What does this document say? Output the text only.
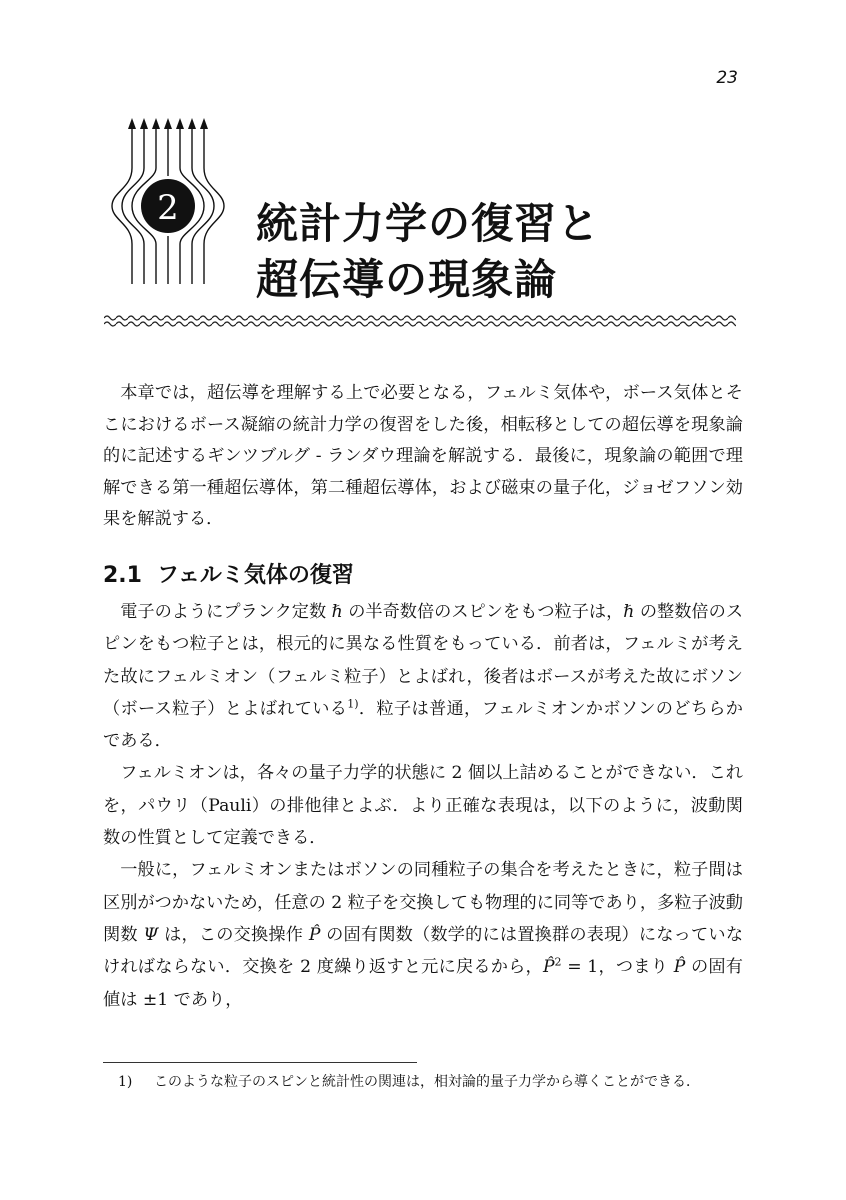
23
2 統計力学の復習と
超伝導の現象論

本章では，超伝導を理解する上で必要となる，フェルミ気体や，ボース気体とそこにおけるボース凝縮の統計力学の復習をした後，相転移としての超伝導を現象論的に記述するギンツブルグ - ランダウ理論を解説する．最後に，現象論の範囲で理解できる第一種超伝導体，第二種超伝導体，および磁束の量子化，ジョゼフソン効果を解説する．

2.1 フェルミ気体の復習

電子のようにプランク定数 ℏ の半奇数倍のスピンをもつ粒子は，ℏ の整数倍のスピンをもつ粒子とは，根元的に異なる性質をもっている．前者は，フェルミが考えた故にフェルミオン（フェルミ粒子）とよばれ，後者はボースが考えた故にボソン（ボース粒子）とよばれている$^{1)}$．粒子は普通，フェルミオンかボソンのどちらかである．

フェルミオンは，各々の量子力学的状態に 2 個以上詰めることができない．これを，パウリ（Pauli）の排他律とよぶ．より正確な表現は，以下のように，波動関数の性質として定義できる．

一般に，フェルミオンまたはボソンの同種粒子の集合を考えたときに，粒子間は区別がつかないため，任意の 2 粒子を交換しても物理的に同等であり，多粒子波動関数 Ψ は，この交換操作 P̂ の固有関数（数学的には置換群の表現）になっていなければならない．交換を 2 度繰り返すと元に戻るから，P̂$^2$ = 1，つまり P̂ の固有値は ±1 であり，

1) このような粒子のスピンと統計性の関連は，相対論的量子力学から導くことができる．
